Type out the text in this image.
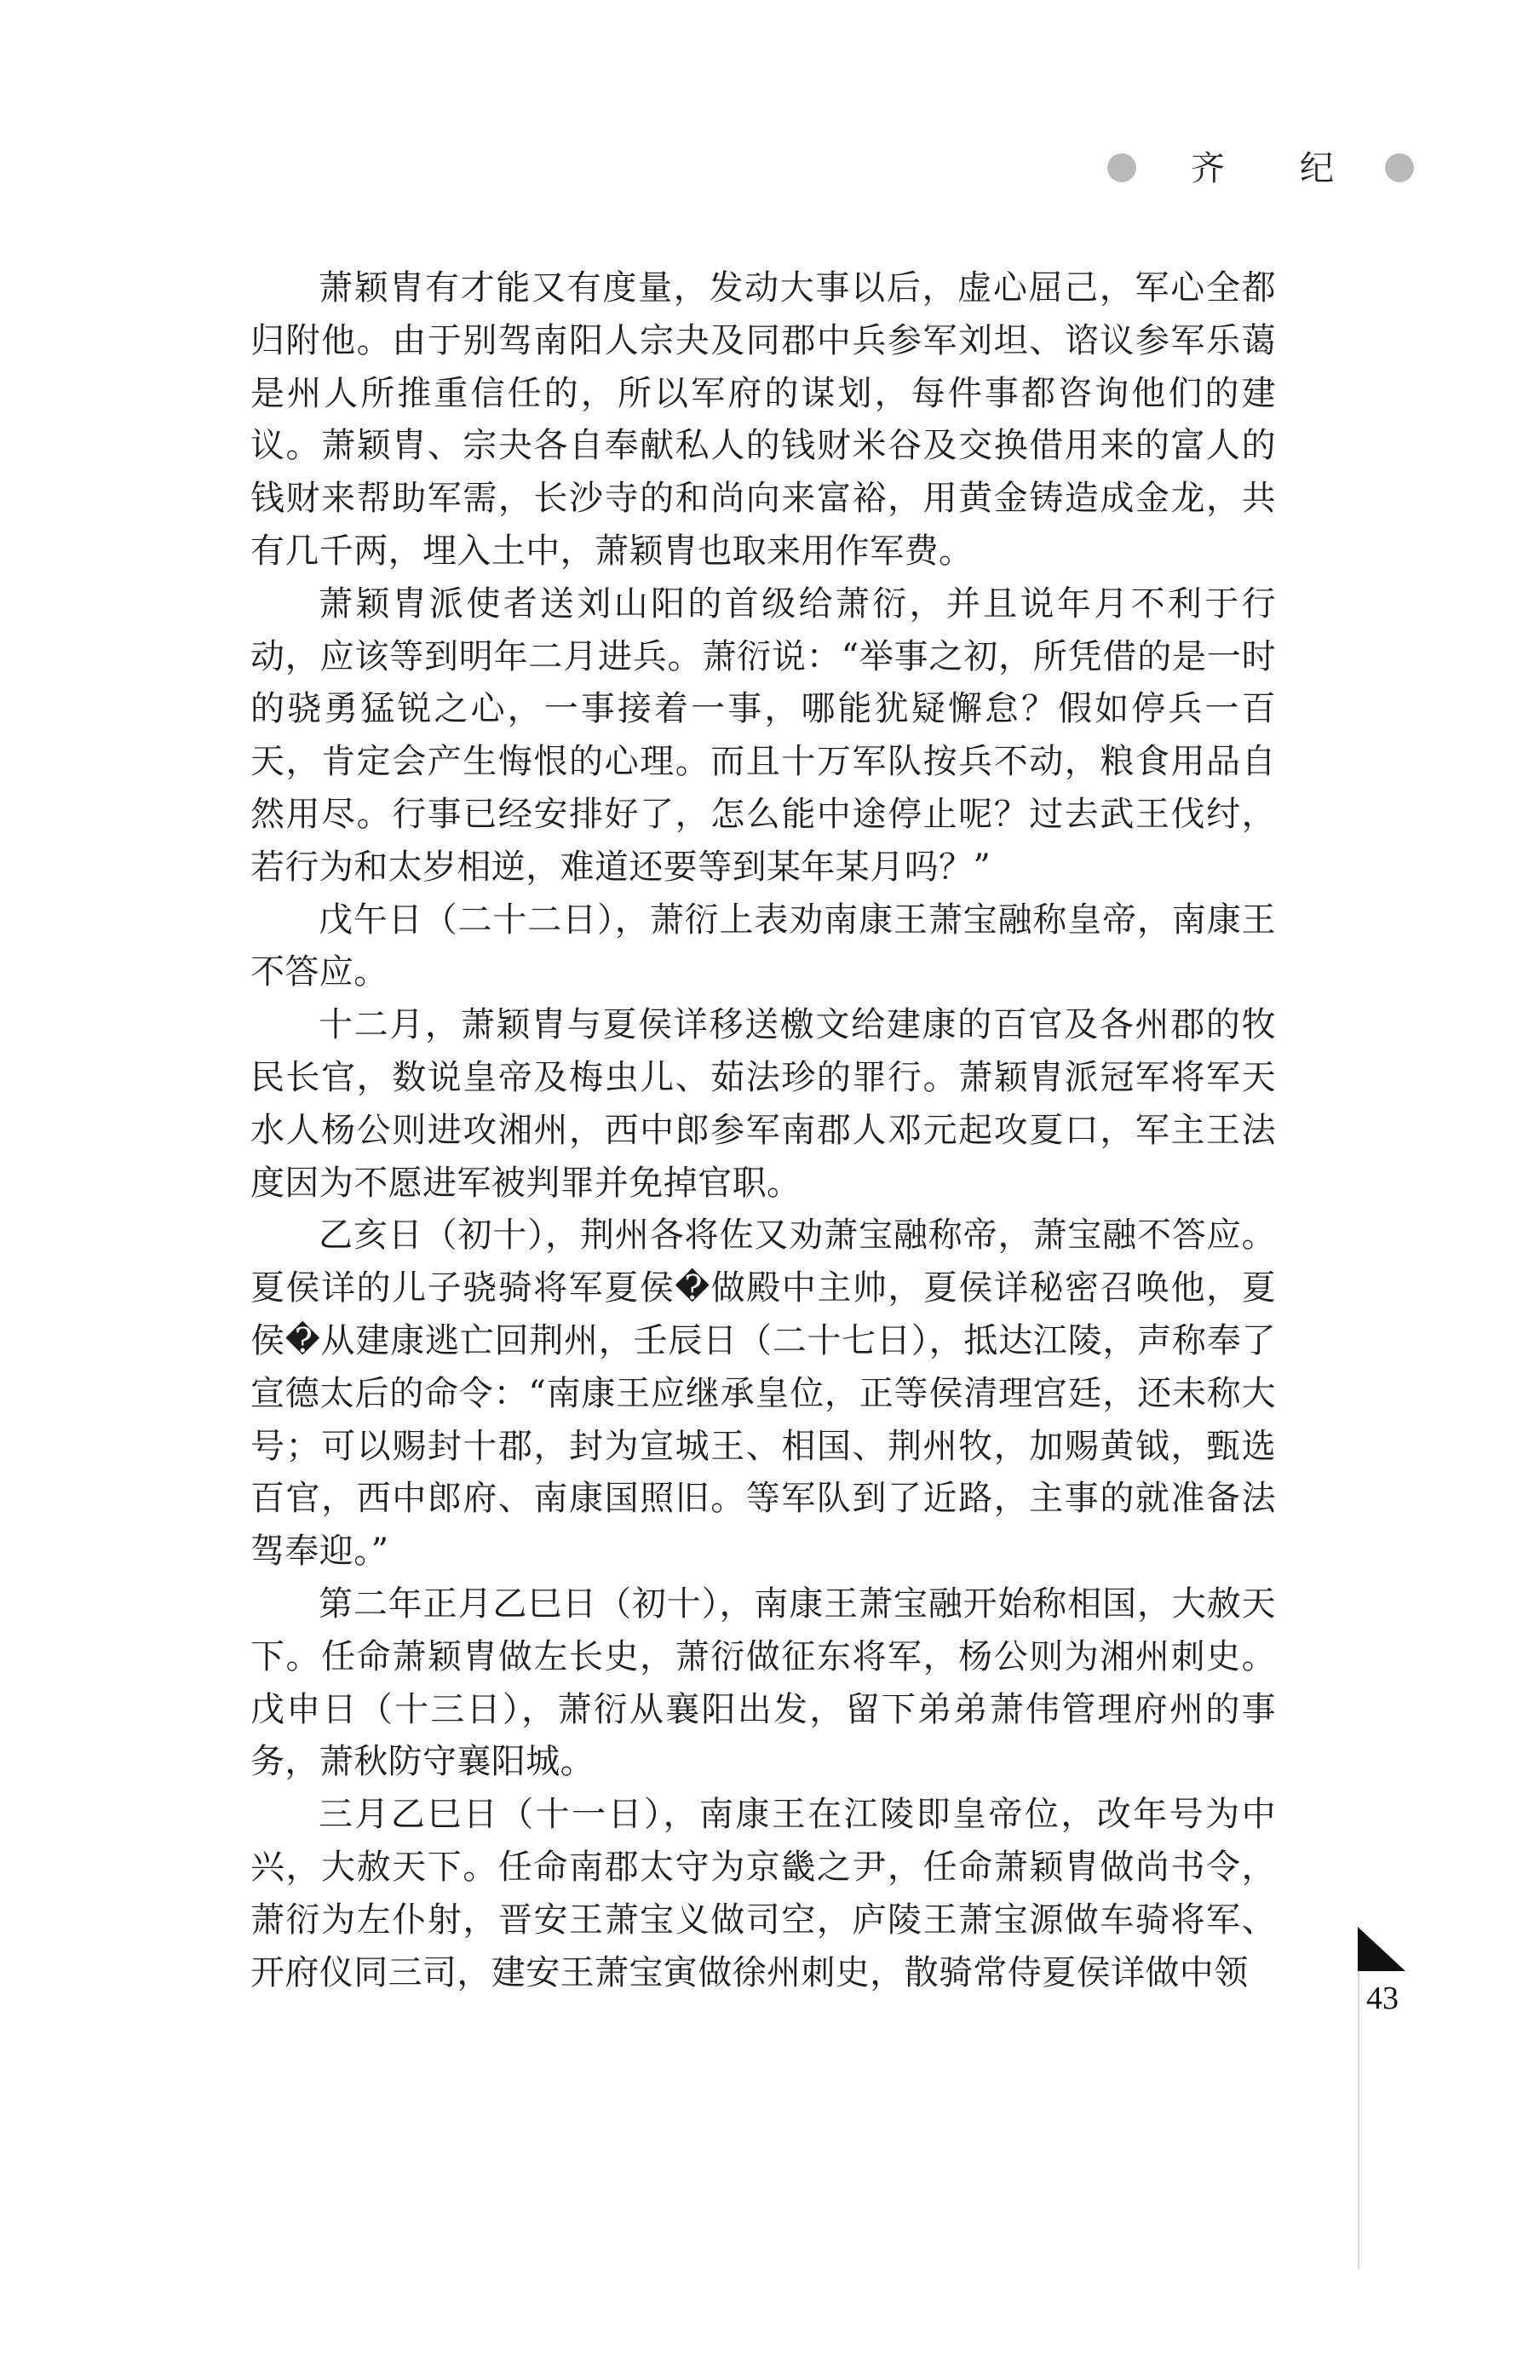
齐 纪

萧颖胄有才能又有度量，发动大事以后，虚心屈己，军心全都归附他。由于别驾南阳人宗夬及同郡中兵参军刘坦、谘议参军乐蔼是州人所推重信任的，所以军府的谋划，每件事都咨询他们的建议。萧颖胄、宗夬各自奉献私人的钱财米谷及交换借用来的富人的钱财来帮助军需，长沙寺的和尚向来富裕，用黄金铸造成金龙，共有几千两，埋入土中，萧颖胄也取来用作军费。

萧颖胄派使者送刘山阳的首级给萧衍，并且说年月不利于行动，应该等到明年二月进兵。萧衍说：“举事之初，所凭借的是一时的骁勇猛锐之心，一事接着一事，哪能犹疑懈怠？假如停兵一百天，肯定会产生悔恨的心理。而且十万军队按兵不动，粮食用品自然用尽。行事已经安排好了，怎么能中途停止呢？过去武王伐纣，若行为和太岁相逆，难道还要等到某年某月吗？”

戊午日（二十二日），萧衍上表劝南康王萧宝融称皇帝，南康王不答应。

十二月，萧颖胄与夏侯详移送檄文给建康的百官及各州郡的牧民长官，数说皇帝及梅虫儿、茹法珍的罪行。萧颖胄派冠军将军天水人杨公则进攻湘州，西中郎参军南郡人邓元起攻夏口，军主王法度因为不愿进军被判罪并免掉官职。

乙亥日（初十），荆州各将佐又劝萧宝融称帝，萧宝融不答应。夏侯详的儿子骁骑将军夏侯�做殿中主帅，夏侯详秘密召唤他，夏侯�从建康逃亡回荆州，壬辰日（二十七日），抵达江陵，声称奉了宣德太后的命令：“南康王应继承皇位，正等侯清理宫廷，还未称大号；可以赐封十郡，封为宣城王、相国、荆州牧，加赐黄钺，甄选百官，西中郎府、南康国照旧。等军队到了近路，主事的就准备法驾奉迎。”

第二年正月乙巳日（初十），南康王萧宝融开始称相国，大赦天下。任命萧颖胄做左长史，萧衍做征东将军，杨公则为湘州刺史。戊申日（十三日），萧衍从襄阳出发，留下弟弟萧伟管理府州的事务，萧秋防守襄阳城。

三月乙巳日（十一日），南康王在江陵即皇帝位，改年号为中兴，大赦天下。任命南郡太守为京畿之尹，任命萧颖胄做尚书令，萧衍为左仆射，晋安王萧宝义做司空，庐陵王萧宝源做车骑将军、开府仪同三司，建安王萧宝寅做徐州刺史，散骑常侍夏侯详做中领

43
